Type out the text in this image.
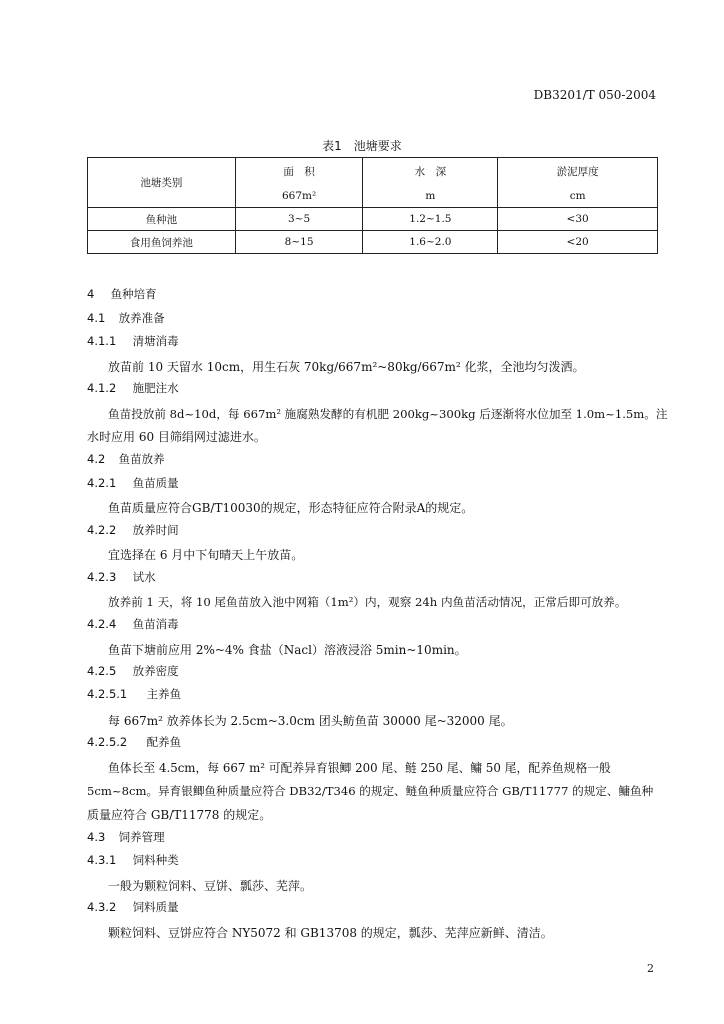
DB3201/T 050-2004
表1　池塘要求
池塘类别	面　积	水　深	淤泥厚度
	667m²	m	cm
鱼种池	3~5	1.2~1.5	<30
食用鱼饲养池	8~15	1.6~2.0	<20
4 鱼种培育
4.1 放养准备
4.1.1 清塘消毒
放苗前 10 天留水 10cm，用生石灰 70kg/667m²~80kg/667m² 化浆，全池均匀泼洒。
4.1.2 施肥注水
鱼苗投放前 8d~10d，每 667m² 施腐熟发酵的有机肥 200kg~300kg 后逐渐将水位加至 1.0m~1.5m。注
水时应用 60 目筛绢网过滤进水。
4.2 鱼苗放养
4.2.1 鱼苗质量
鱼苗质量应符合GB/T10030的规定，形态特征应符合附录A的规定。
4.2.2 放养时间
宜选择在 6 月中下旬晴天上午放苗。
4.2.3 试水
放养前 1 天，将 10 尾鱼苗放入池中网箱（1m²）内，观察 24h 内鱼苗活动情况，正常后即可放养。
4.2.4 鱼苗消毒
鱼苗下塘前应用 2%~4% 食盐（Nacl）溶液浸浴 5min~10min。
4.2.5 放养密度
4.2.5.1 主养鱼
每 667m² 放养体长为 2.5cm~3.0cm 团头鲂鱼苗 30000 尾~32000 尾。
4.2.5.2 配养鱼
鱼体长至 4.5cm，每 667 m² 可配养异育银鲫 200 尾、鲢 250 尾、鳙 50 尾，配养鱼规格一般
5cm~8cm。异育银鲫鱼种质量应符合 DB32/T346 的规定、鲢鱼种质量应符合 GB/T11777 的规定、鳙鱼种
质量应符合 GB/T11778 的规定。
4.3 饲养管理
4.3.1 饲料种类
一般为颗粒饲料、豆饼、瓢莎、芜萍。
4.3.2 饲料质量
颗粒饲料、豆饼应符合 NY5072 和 GB13708 的规定，瓢莎、芜萍应新鲜、清洁。
2
